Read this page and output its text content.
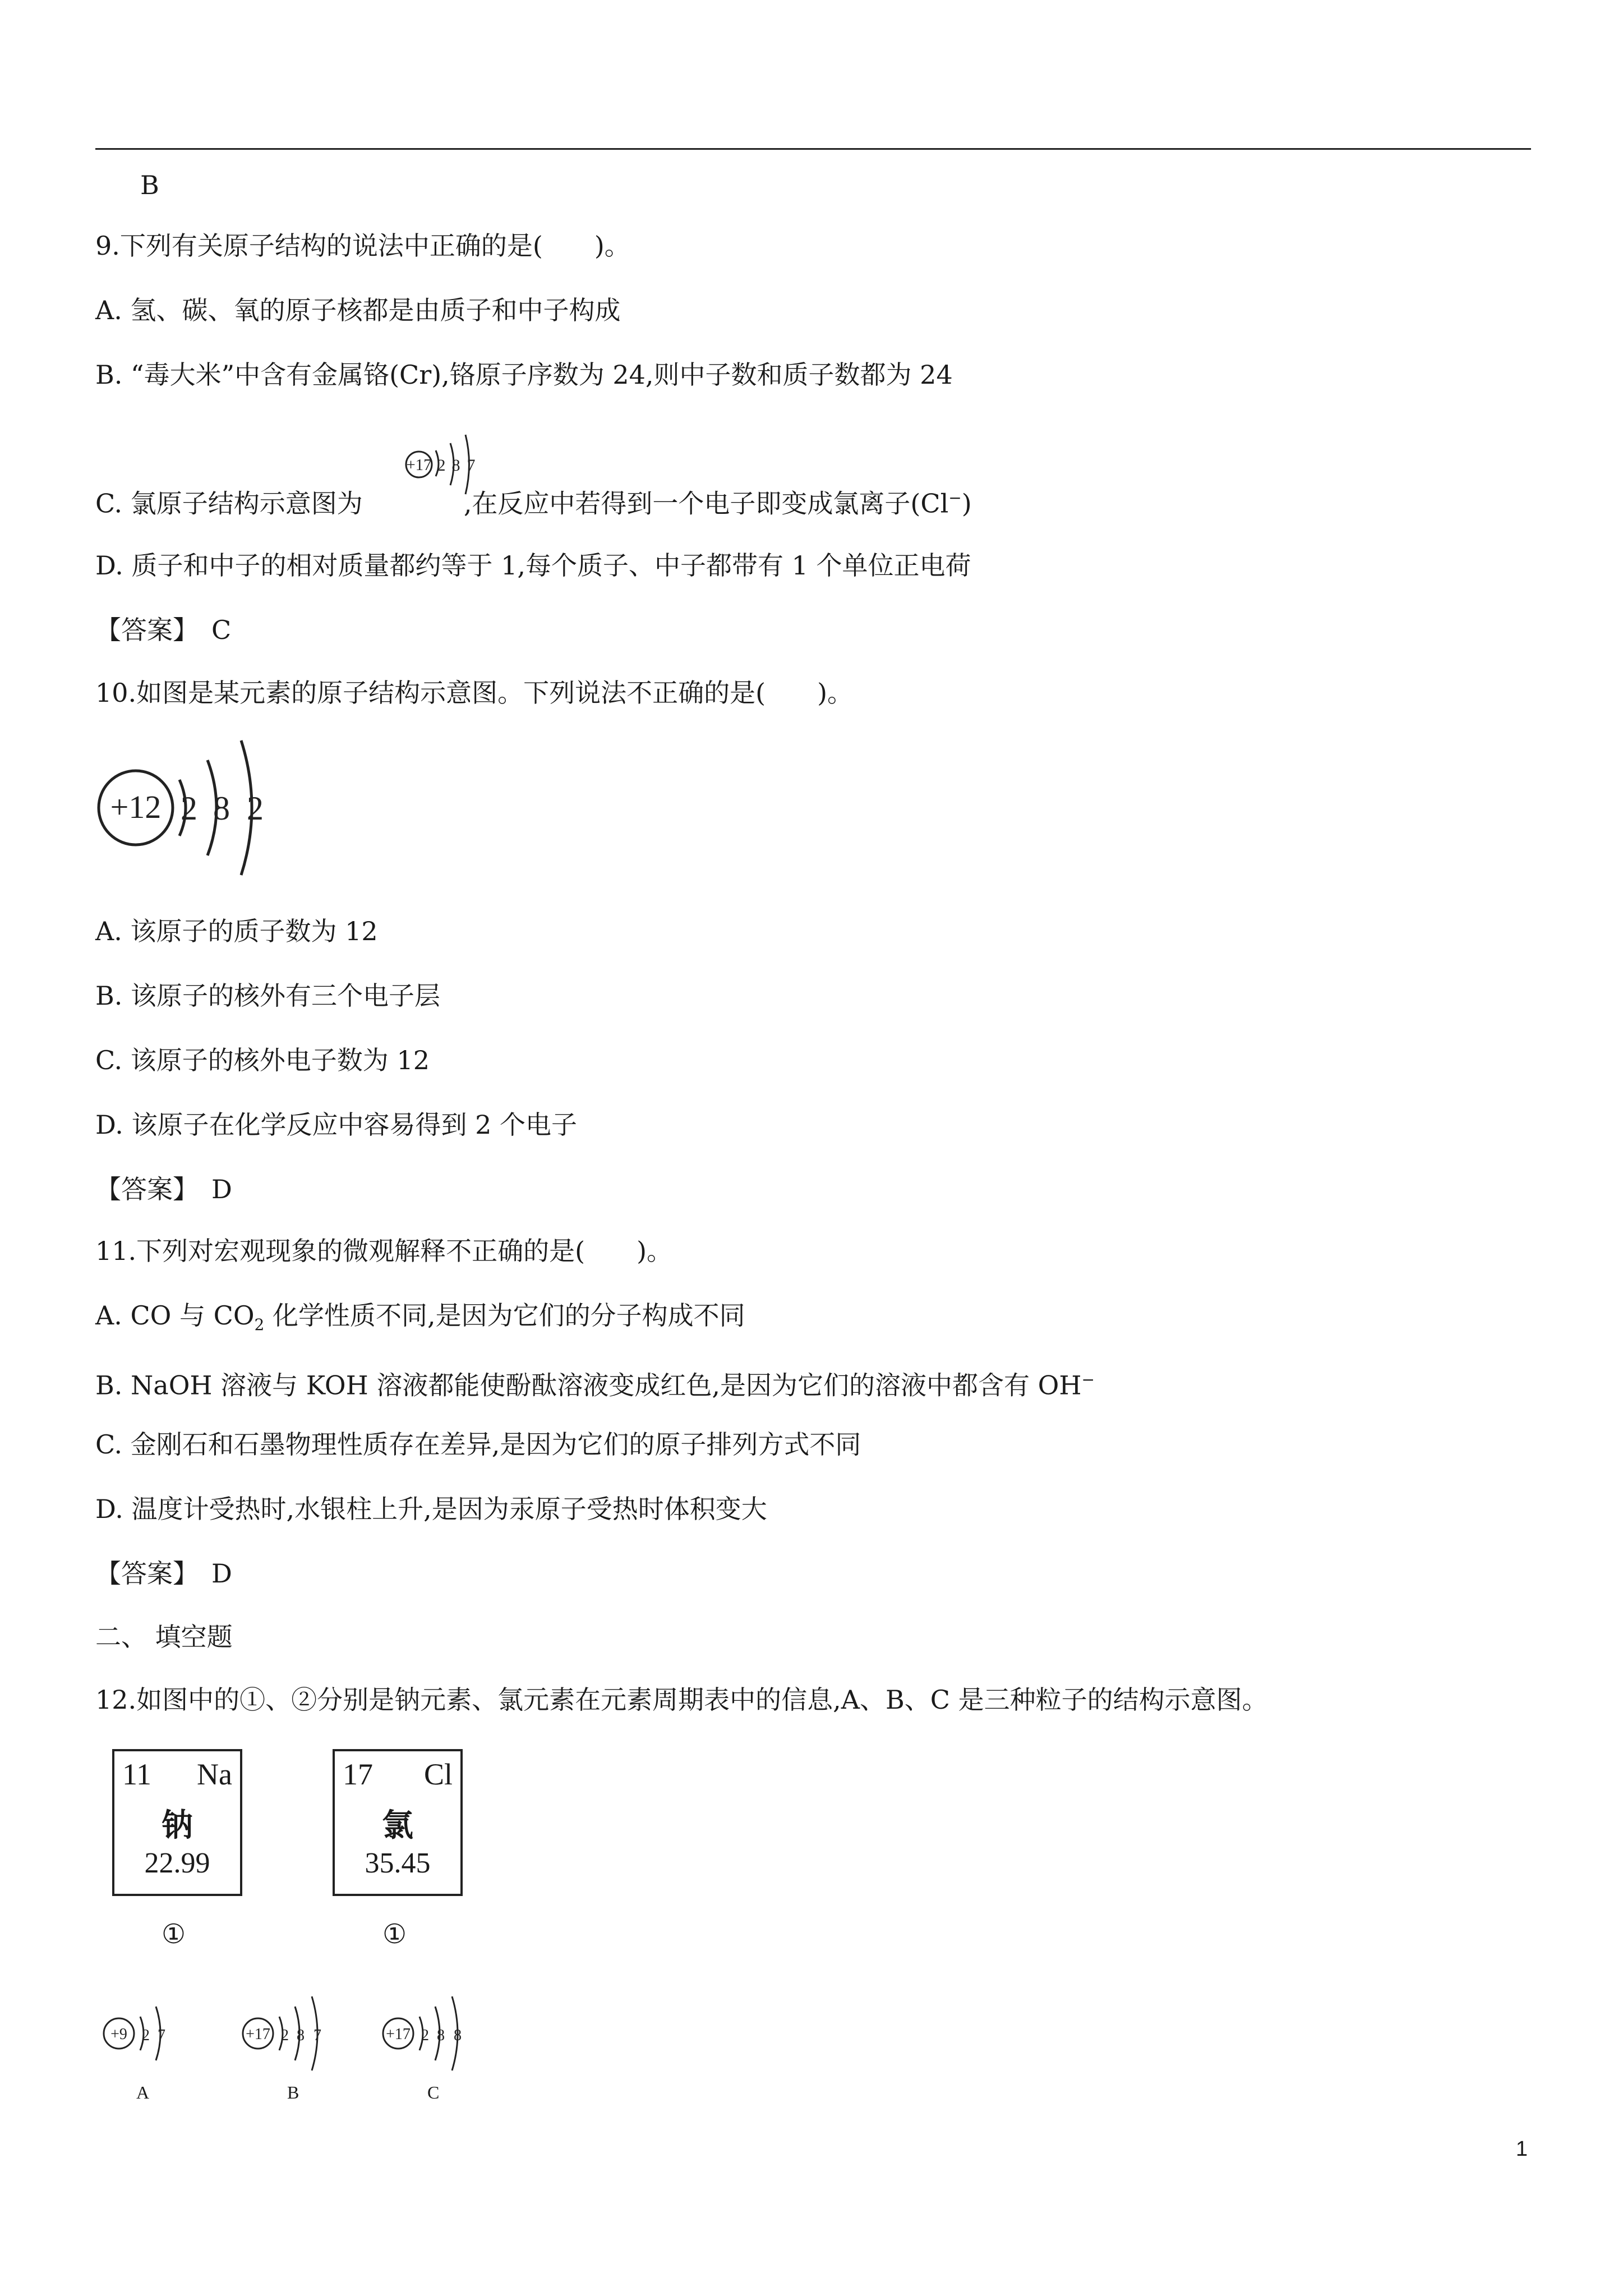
B
9.下列有关原子结构的说法中正确的是(　　)。
A. 氢、碳、氧的原子核都是由质子和中子构成
B. “毒大米”中含有金属铬(Cr),铬原子序数为 24,则中子数和质子数都为 24
C. 氯原子结构示意图为	,在反应中若得到一个电子即变成氯离子(Cl−)
+17 2 8 7
D. 质子和中子的相对质量都约等于 1,每个质子、中子都带有 1 个单位正电荷
【答案】　C
10.如图是某元素的原子结构示意图。下列说法不正确的是(　　)。
+12 2 8 2
A. 该原子的质子数为 12
B. 该原子的核外有三个电子层
C. 该原子的核外电子数为 12
D. 该原子在化学反应中容易得到 2 个电子
【答案】　D
11.下列对宏观现象的微观解释不正确的是(　　)。
A. CO 与 $CO_2$ 化学性质不同,是因为它们的分子构成不同
B. NaOH 溶液与 KOH 溶液都能使酚酞溶液变成红色,是因为它们的溶液中都含有 OH−
C. 金刚石和石墨物理性质存在差异,是因为它们的原子排列方式不同
D. 温度计受热时,水银柱上升,是因为汞原子受热时体积变大
【答案】　D
二、 填空题
12.如图中的①、②分别是钠元素、氯元素在元素周期表中的信息,A、B、C 是三种粒子的结构示意图。
11 Na
钠
22.99
①
17 Cl
氯
35.45
①
+9 2 7
A
+17 2 8 7
B
+17 2 8 8
C
1
